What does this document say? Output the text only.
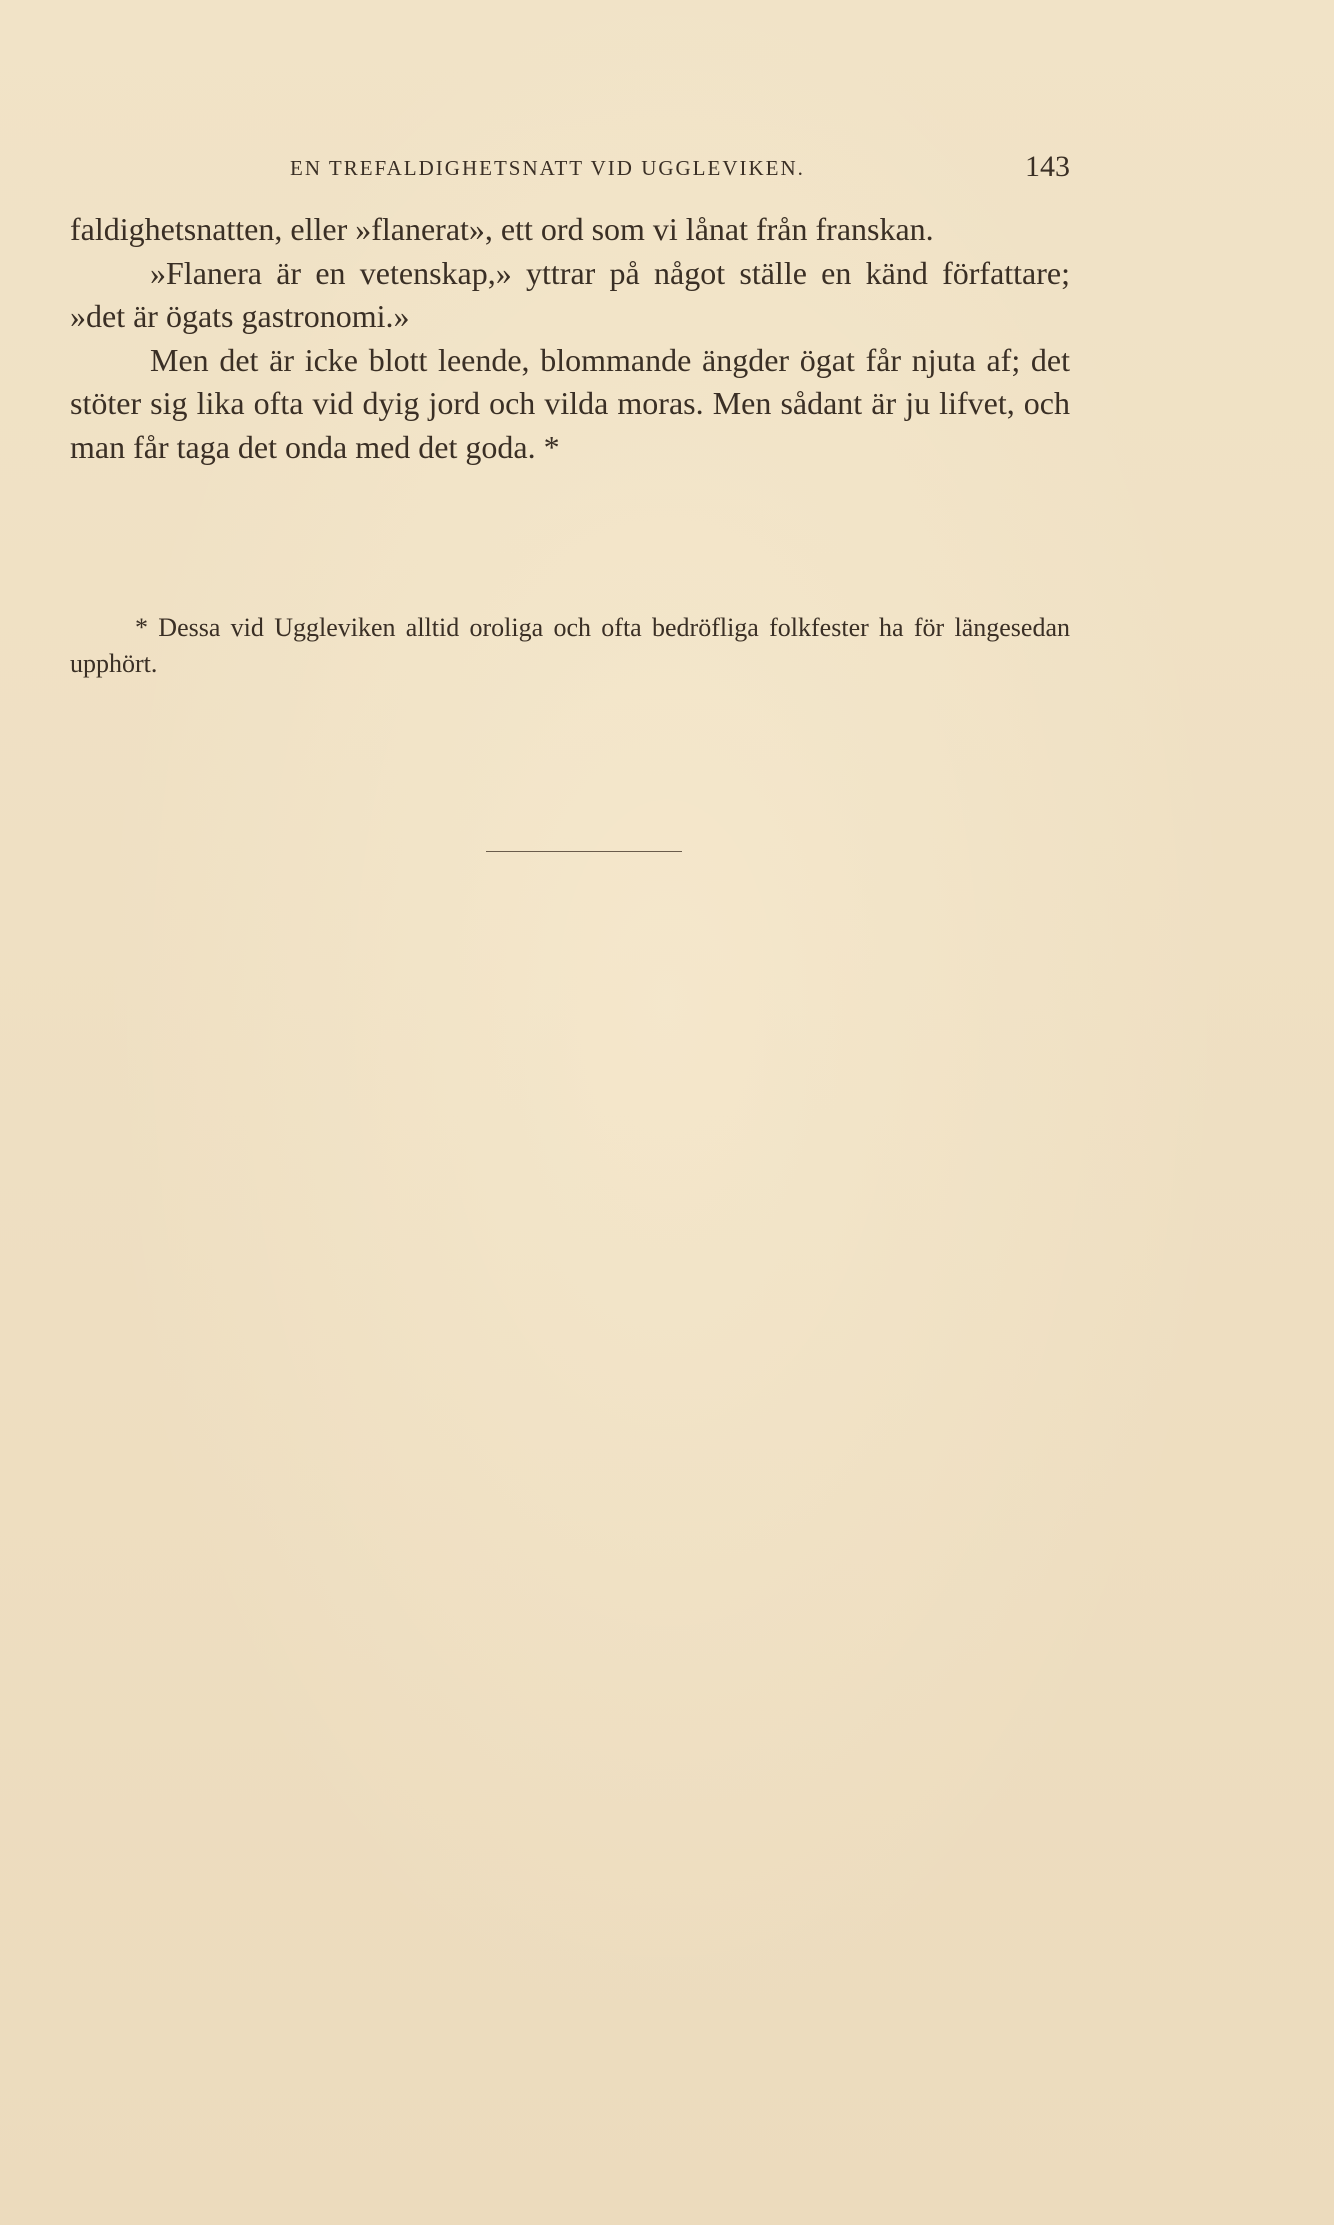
EN TREFALDIGHETSNATT VID UGGLEVIKEN.	143

faldighetsnatten, eller »flanerat», ett ord som vi lånat från franskan.

»Flanera är en vetenskap,» yttrar på något ställe en känd författare; »det är ögats gastronomi.»

Men det är icke blott leende, blommande ängder ögat får njuta af; det stöter sig lika ofta vid dyig jord och vilda moras. Men sådant är ju lifvet, och man får taga det onda med det goda. *

* Dessa vid Uggleviken alltid oroliga och ofta bedröfliga folkfester ha för längesedan upphört.
